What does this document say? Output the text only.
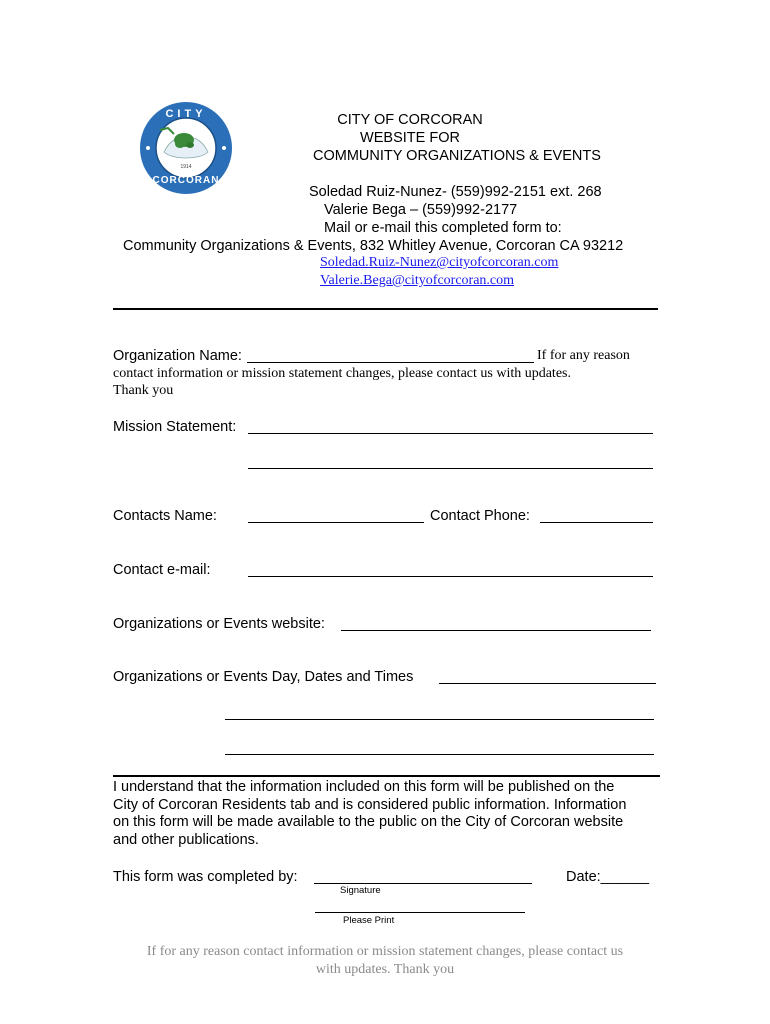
CITY OF
CORCORAN
1914
CITY OF CORCORAN
WEBSITE FOR
COMMUNITY ORGANIZATIONS & EVENTS
Soledad Ruiz-Nunez- (559)992-2151 ext. 268
Valerie Bega – (559)992-2177
Mail or e-mail this completed form to:
Community Organizations & Events, 832 Whitley Avenue, Corcoran CA 93212
Soledad.Ruiz-Nunez@cityofcorcoran.com
Valerie.Bega@cityofcorcoran.com
Organization Name:	If for any reason
contact information or mission statement changes, please contact us with updates.
Thank you
Mission Statement:
Contacts Name:	Contact Phone:
Contact e-mail:
Organizations or Events website:
Organizations or Events Day, Dates and Times
I understand that the information included on this form will be published on the
City of Corcoran Residents tab and is considered public information. Information
on this form will be made available to the public on the City of Corcoran website
and other publications.
This form was completed by:
Signature
Date:______
Please Print
If for any reason contact information or mission statement changes, please contact us
with updates. Thank you
